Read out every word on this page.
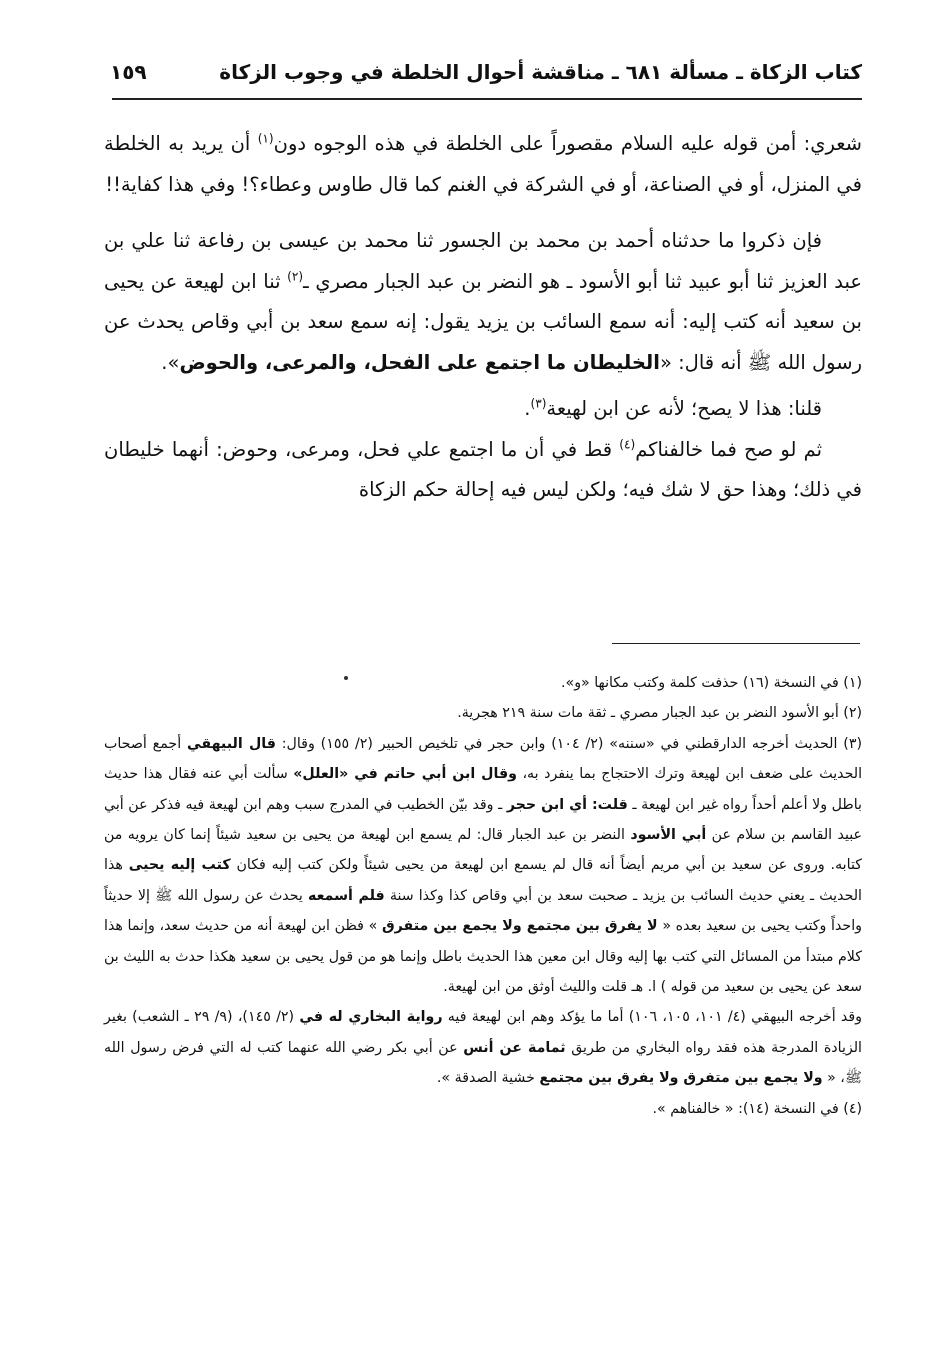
كتاب الزكاة ـ مسألة ٦٨١ ـ مناقشة أحوال الخلطة في وجوب الزكاة
١٥٩

شعري: أمن قوله عليه السلام مقصوراً على الخلطة في هذه الوجوه دون$^{(١)}$ أن يريد به الخلطة في المنزل، أو في الصناعة، أو في الشركة في الغنم كما قال طاوس وعطاء؟! وفي هذا كفاية!!

فإن ذكروا ما حدثناه أحمد بن محمد بن الجسور ثنا محمد بن عيسى بن رفاعة ثنا علي بن عبد العزيز ثنا أبو عبيد ثنا أبو الأسود ـ هو النضر بن عبد الجبار مصري ـ$^{(٢)}$ ثنا ابن لهيعة عن يحيى بن سعيد أنه كتب إليه: أنه سمع السائب بن يزيد يقول: إنه سمع سعد بن أبي وقاص يحدث عن رسول الله ﷺ أنه قال: «الخليطان ما اجتمع على الفحل، والمرعى، والحوض».

قلنا: هذا لا يصح؛ لأنه عن ابن لهيعة$^{(٣)}$.

ثم لو صح فما خالفناكم$^{(٤)}$ قط في أن ما اجتمع علي فحل، ومرعى، وحوض: أنهما خليطان في ذلك؛ وهذا حق لا شك فيه؛ ولكن ليس فيه إحالة حكم الزكاة

(١) في النسخة (١٦) حذفت كلمة وكتب مكانها «و».

(٢) أبو الأسود النضر بن عبد الجبار مصري ـ ثقة مات سنة ٢١٩ هجرية.

(٣) الحديث أخرجه الدارقطني في «سننه» (٢/ ١٠٤) وابن حجر في تلخيص الحبير (٢/ ١٥٥) وقال: قال البيهقي أجمع أصحاب الحديث على ضعف ابن لهيعة وترك الاحتجاج بما ينفرد به، وقال ابن أبي حاتم في «العلل» سألت أبي عنه فقال هذا حديث باطل ولا أعلم أحداً رواه غير ابن لهيعة ـ قلت: أي ابن حجر ـ وقد بيّن الخطيب في المدرج سبب وهم ابن لهيعة فيه فذكر عن أبي عبيد القاسم بن سلام عن أبي الأسود النضر بن عبد الجبار قال: لم يسمع ابن لهيعة من يحيى بن سعيد شيئاً إنما كان يرويه من كتابه. وروى عن سعيد بن أبي مريم أيضاً أنه قال لم يسمع ابن لهيعة من يحيى شيئاً ولكن كتب إليه فكان كتب إليه يحيى هذا الحديث ـ يعني حديث السائب بن يزيد ـ صحبت سعد بن أبي وقاص كذا وكذا سنة فلم أسمعه يحدث عن رسول الله ﷺ إلا حديثاً واحداً وكتب يحيى بن سعيد بعده « لا يفرق بين مجتمع ولا يجمع بين متفرق » فظن ابن لهيعة أنه من حديث سعد، وإنما هذا كلام مبتدأ من المسائل التي كتب بها إليه وقال ابن معين هذا الحديث باطل وإنما هو من قول يحيى بن سعيد هكذا حدث به الليث بن سعد عن يحيى بن سعيد من قوله ) ا. هـ قلت والليث أوثق من ابن لهيعة.

وقد أخرجه البيهقي (٤/ ١٠١، ١٠٥، ١٠٦) أما ما يؤكد وهم ابن لهيعة فيه رواية البخاري له في (٢/ ١٤٥)، (٩/ ٢٩ ـ الشعب) بغير الزيادة المدرجة هذه فقد رواه البخاري من طريق ثمامة عن أنس عن أبي بكر رضي الله عنهما كتب له التي فرض رسول الله ﷺ، « ولا يجمع بين متفرق ولا يفرق بين مجتمع خشية الصدقة ».

(٤) في النسخة (١٤): « خالفناهم ».
